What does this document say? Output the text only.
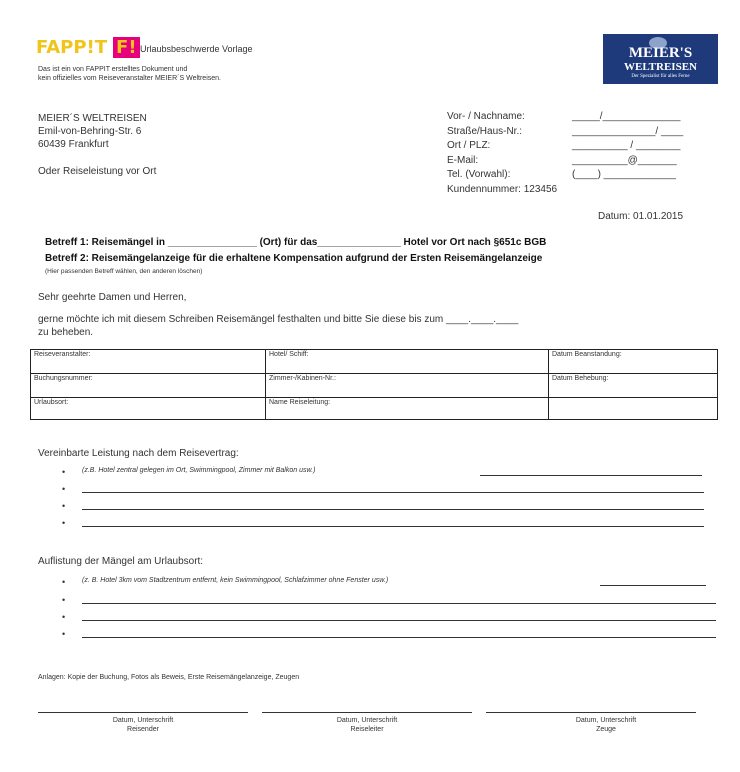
FAPP!T F! Urlaubsbeschwerde Vorlage
Das ist ein von FAPPIT erstelltes Dokument und
kein offizielles vom Reiseveranstalter MEIER´S Weltreisen.
MEIER'S
WELTREISEN
Der Spezialist für alles Ferne
MEIER´S WELTREISEN
Emil-von-Behring-Str. 6
60439 Frankfurt
Oder Reiseleistung vor Ort
Vor- / Nachname:	_____/______________
Straße/Haus-Nr.:	_______________/ ____
Ort / PLZ:	__________ / ________
E-Mail:	__________@_______
Tel. (Vorwahl):	(____) _____________
Kundennummer: 123456
Datum: 01.01.2015
Betreff 1: Reisemängel in ________________ (Ort) für das_______________ Hotel vor Ort nach §651c BGB
Betreff 2: Reisemängelanzeige für die erhaltene Kompensation aufgrund der Ersten Reisemängelanzeige
(Hier passenden Betreff wählen, den anderen löschen)
Sehr geehrte Damen und Herren,
gerne möchte ich mit diesem Schreiben Reisemängel festhalten und bitte Sie diese bis zum ____.____.____
zu beheben.
Reiseveranstalter:	Hotel/ Schiff:	Datum Beanstandung:
Buchungsnummer:	Zimmer-/Kabinen-Nr.:	Datum Behebung:
Urlaubsort:	Name Reiseleitung:	
Vereinbarte Leistung nach dem Reisevertrag:
• (z.B. Hotel zentral gelegen im Ort, Swimmingpool, Zimmer mit Balkon usw.)
•
•
•
Auflistung der Mängel am Urlaubsort:
• (z. B. Hotel 3km vom Stadtzentrum entfernt, kein Swimmingpool, Schlafzimmer ohne Fenster usw.)
•
•
•
Anlagen: Kopie der Buchung, Fotos als Beweis, Erste Reisemängelanzeige, Zeugen
Datum, Unterschrift
Reisender
Datum, Unterschrift
Reiseleiter
Datum, Unterschrift
Zeuge
